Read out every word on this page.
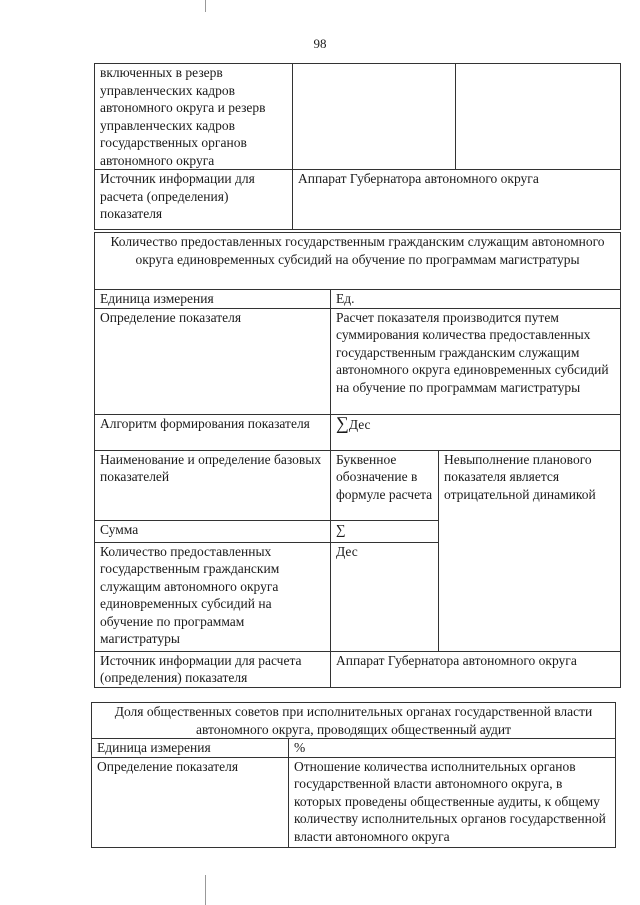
98
включенных в резерв управленческих кадров автономного округа и резерв управленческих кадров государственных органов автономного округа		
Источник информации для расчета (определения) показателя	Аппарат Губернатора автономного округа	
Количество предоставленных государственным гражданским служащим автономного округа единовременных субсидий на обучение по программам магистратуры		
Единица измерения	Ед.	
Определение показателя	Расчет показателя производится путем суммирования количества предоставленных государственным гражданским служащим автономного округа единовременных субсидий на обучение по программам магистратуры	
Алгоритм формирования показателя	∑Дес	
Наименование и определение базовых показателей	Буквенное обозначение в формуле расчета	Невыполнение планового показателя является отрицательной динамикой
Сумма	∑	
Количество предоставленных государственным гражданским служащим автономного округа единовременных субсидий на обучение по программам магистратуры	Дес	
Источник информации для расчета (определения) показателя	Аппарат Губернатора автономного округа	
Доля общественных советов при исполнительных органах государственной власти автономного округа, проводящих общественный аудит	
Единица измерения	%
Определение показателя	Отношение количества исполнительных органов государственной власти автономного округа, в которых проведены общественные аудиты, к общему количеству исполнительных органов государственной власти автономного округа
